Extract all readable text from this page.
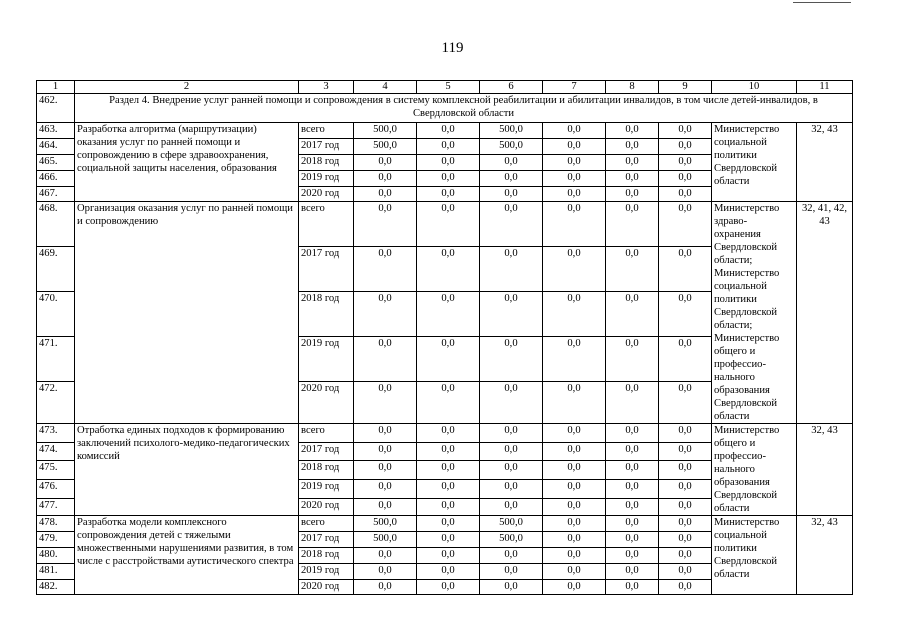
119
1	2	3	4	5	6	7	8	9	10	11
462.	Раздел 4. Внедрение услуг ранней помощи и сопровождения в систему комплексной реабилитации и абилитации инвалидов, в том числе детей-инвалидов, в Свердловской области									
463.	Разработка алгоритма (маршрутизации) оказания услуг по ранней помощи и сопровождению в сфере здравоохранения, социальной защиты населения, образования	всего	500,0	0,0	500,0	0,0	0,0	0,0	Министерство социальной политики Свердловской области	32, 43
464.		2017 год	500,0	0,0	500,0	0,0	0,0	0,0		
465.		2018 год	0,0	0,0	0,0	0,0	0,0	0,0		
466.		2019 год	0,0	0,0	0,0	0,0	0,0	0,0		
467.		2020 год	0,0	0,0	0,0	0,0	0,0	0,0		
468.	Организация оказания услуг по ранней помощи и сопровождению	всего	0,0	0,0	0,0	0,0	0,0	0,0	Министерство здраво-охранения Свердловской области; Министерство социальной политики Свердловской области; Министерство общего и профессио-нального образования Свердловской области	32, 41, 42, 43
469.		2017 год	0,0	0,0	0,0	0,0	0,0	0,0		
470.		2018 год	0,0	0,0	0,0	0,0	0,0	0,0		
471.		2019 год	0,0	0,0	0,0	0,0	0,0	0,0		
472.		2020 год	0,0	0,0	0,0	0,0	0,0	0,0		
473.	Отработка единых подходов к формированию заключений психолого-медико-педагогических комиссий	всего	0,0	0,0	0,0	0,0	0,0	0,0	Министерство общего и профессио-нального образования Свердловской области	32, 43
474.		2017 год	0,0	0,0	0,0	0,0	0,0	0,0		
475.		2018 год	0,0	0,0	0,0	0,0	0,0	0,0		
476.		2019 год	0,0	0,0	0,0	0,0	0,0	0,0		
477.		2020 год	0,0	0,0	0,0	0,0	0,0	0,0		
478.	Разработка модели комплексного сопровождения детей с тяжелыми множественными нарушениями развития, в том числе с расстройствами аутистического спектра	всего	500,0	0,0	500,0	0,0	0,0	0,0	Министерство социальной политики Свердловской области	32, 43
479.		2017 год	500,0	0,0	500,0	0,0	0,0	0,0		
480.		2018 год	0,0	0,0	0,0	0,0	0,0	0,0		
481.		2019 год	0,0	0,0	0,0	0,0	0,0	0,0		
482.		2020 год	0,0	0,0	0,0	0,0	0,0	0,0		
